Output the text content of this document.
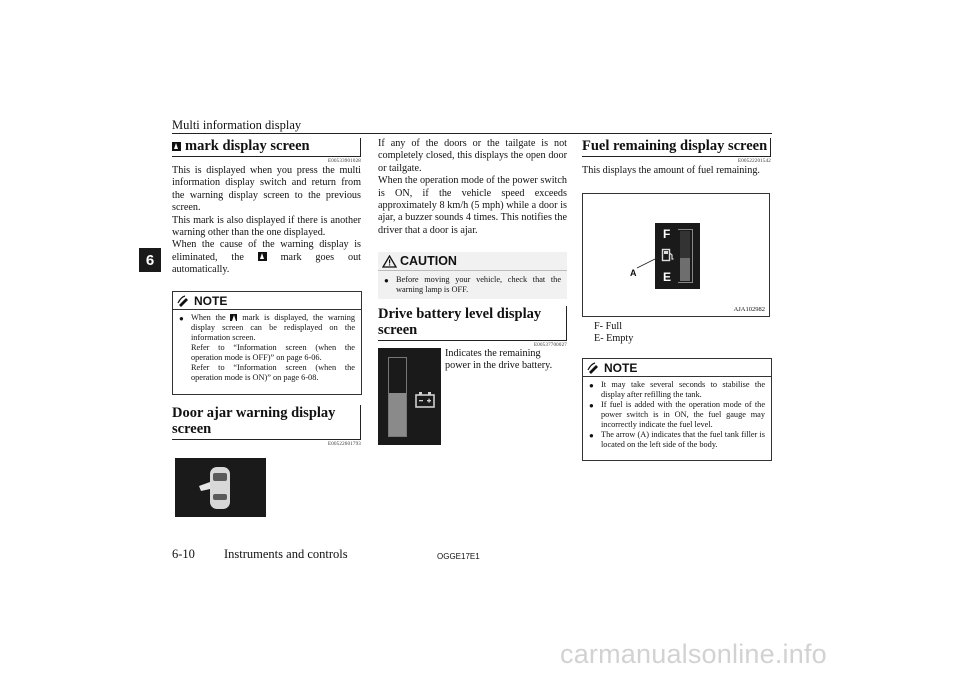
Multi information display
6
mark display screen
E00533901028

This is displayed when you press the multi information display switch and return from the warning display screen to the previous screen.

This mark is also displayed if there is another warning other than the one displayed.

When the cause of the warning display is eliminated, the	mark goes out automatically.

NOTE
● When the mark is displayed, the warning display screen can be redisplayed on the information screen.
Refer to “Information screen (when the operation mode is OFF)” on page 6-06.
Refer to “Information screen (when the operation mode is ON)” on page 6-08.
Door ajar warning display
screen
E00522601793

If any of the doors or the tailgate is not completely closed, this displays the open door or tailgate.

When the operation mode of the power switch is ON, if the vehicle speed exceeds approximately 8 km/h (5 mph) while a door is ajar, a buzzer sounds 4 times. This notifies the driver that a door is ajar.

CAUTION
● Before moving your vehicle, check that the warning lamp is OFF.
Drive battery level display
screen
E00537700027
Indicates the remaining power in the drive battery.
Fuel remaining display screen
E00522201542
This displays the amount of fuel remaining.
F
E
A
AJA102982
F- Full
E- Empty
NOTE
● It may take several seconds to stabilise the display after refilling the tank.
● If fuel is added with the operation mode of the power switch is in ON, the fuel gauge may incorrectly indicate the fuel level.
● The arrow (A) indicates that the fuel tank filler is located on the left side of the body.
6-10 Instruments and controls	OGGE17E1
carmanualsonline.info
